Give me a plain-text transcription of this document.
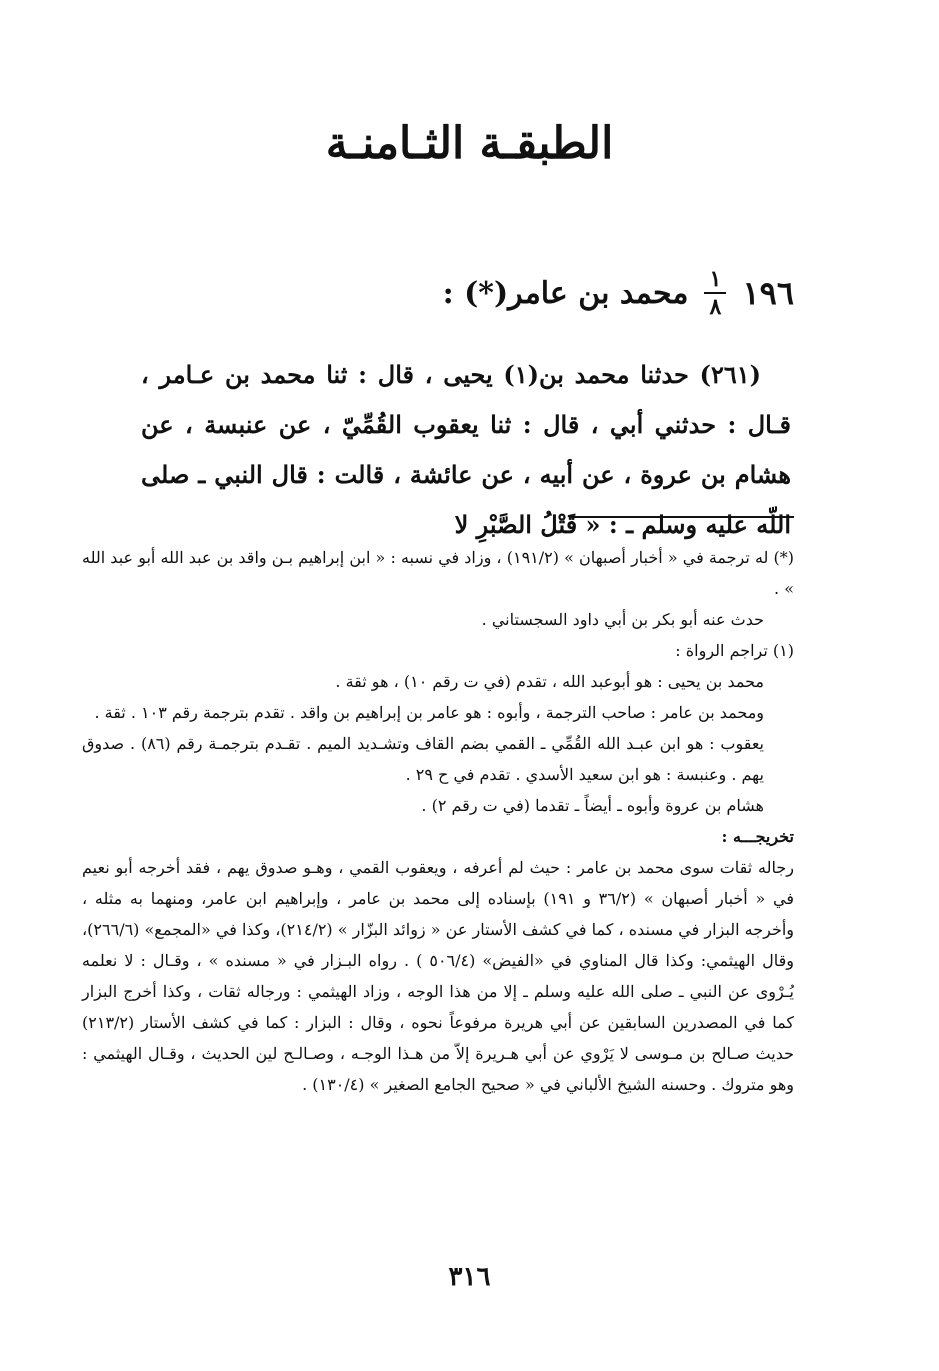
الطبقـة الثـامنـة
١٩٦
$\frac{١}{٨}$
محمد بن عامر(*) :

(٢٦١) حدثنا محمد بن(١) يحيى ، قال : ثنا محمد بن عـامر ، قـال : حدثني أبي ، قال : ثنا يعقوب القُمِّيّ ، عن عنبسة ، عن هشام بن عروة ، عن أبيه ، عن عائشة ، قالت : قال النبي ـ صلى اللّه عليه وسلم ـ : « قَتْلُ الصَّبْرِ لا

(*) له ترجمة في « أخبار أصبهان » (١٩١/٢) ، وزاد في نسبه : « ابن إبراهيم بـن واقد بن عبد الله أبو عبد الله » .

حدث عنه أبو بكر بن أبي داود السجستاني .

(١) تراجم الرواة :

محمد بن يحيى : هو أبوعبد الله ، تقدم (في ت رقم ١٠) ، هو ثقة .

ومحمد بن عامر : صاحب الترجمة ، وأبوه : هو عامر بن إبراهيم بن واقد . تقدم بترجمة رقم ١٠٣ . ثقة .

يعقوب : هو ابن عبـد الله القُمِّي ـ القمي بضم القاف وتشـديد الميم . تقـدم بترجمـة رقم (٨٦) . صدوق يهم . وعنبسة : هو ابن سعيد الأسدي . تقدم في ح ٢٩ .

هشام بن عروة وأبوه ـ أيضاً ـ تقدما (في ت رقم ٢) .

تخريجـــه :

رجاله ثقات سوى محمد بن عامر : حيث لم أعرفه ، ويعقوب القمي ، وهـو صدوق يهم ، فقد أخرجه أبو نعيم في « أخبار أصبهان » (٣٦/٢ و ١٩١) بإسناده إلى محمد بن عامر ، وإبراهيم ابن عامر، ومنهما به مثله ، وأخرجه البزار في مسنده ، كما في كشف الأستار عن « زوائد البزّار » (٢١٤/٢)، وكذا في «المجمع» (٢٦٦/٦)، وقال الهيثمي: وكذا قال المناوي في «الفيض» (٥٠٦/٤ ) . رواه البـزار في « مسنده » ، وقـال : لا نعلمه يُـرْوى عن النبي ـ صلى الله عليه وسلم ـ إلا من هذا الوجه ، وزاد الهيثمي : ورجاله ثقات ، وكذا أخرج البزار كما في المصدرين السابقين عن أبي هريرة مرفوعاً نحوه ، وقال : البزار : كما في كشف الأستار (٢١٣/٢) حديث صـالح بن مـوسى لا يَرْوي عن أبي هـريرة إلاّ من هـذا الوجـه ، وصـالـح لين الحديث ، وقـال الهيثمي : وهو متروك . وحسنه الشيخ الألباني في « صحيح الجامع الصغير » (١٣٠/٤) .

٣١٦
